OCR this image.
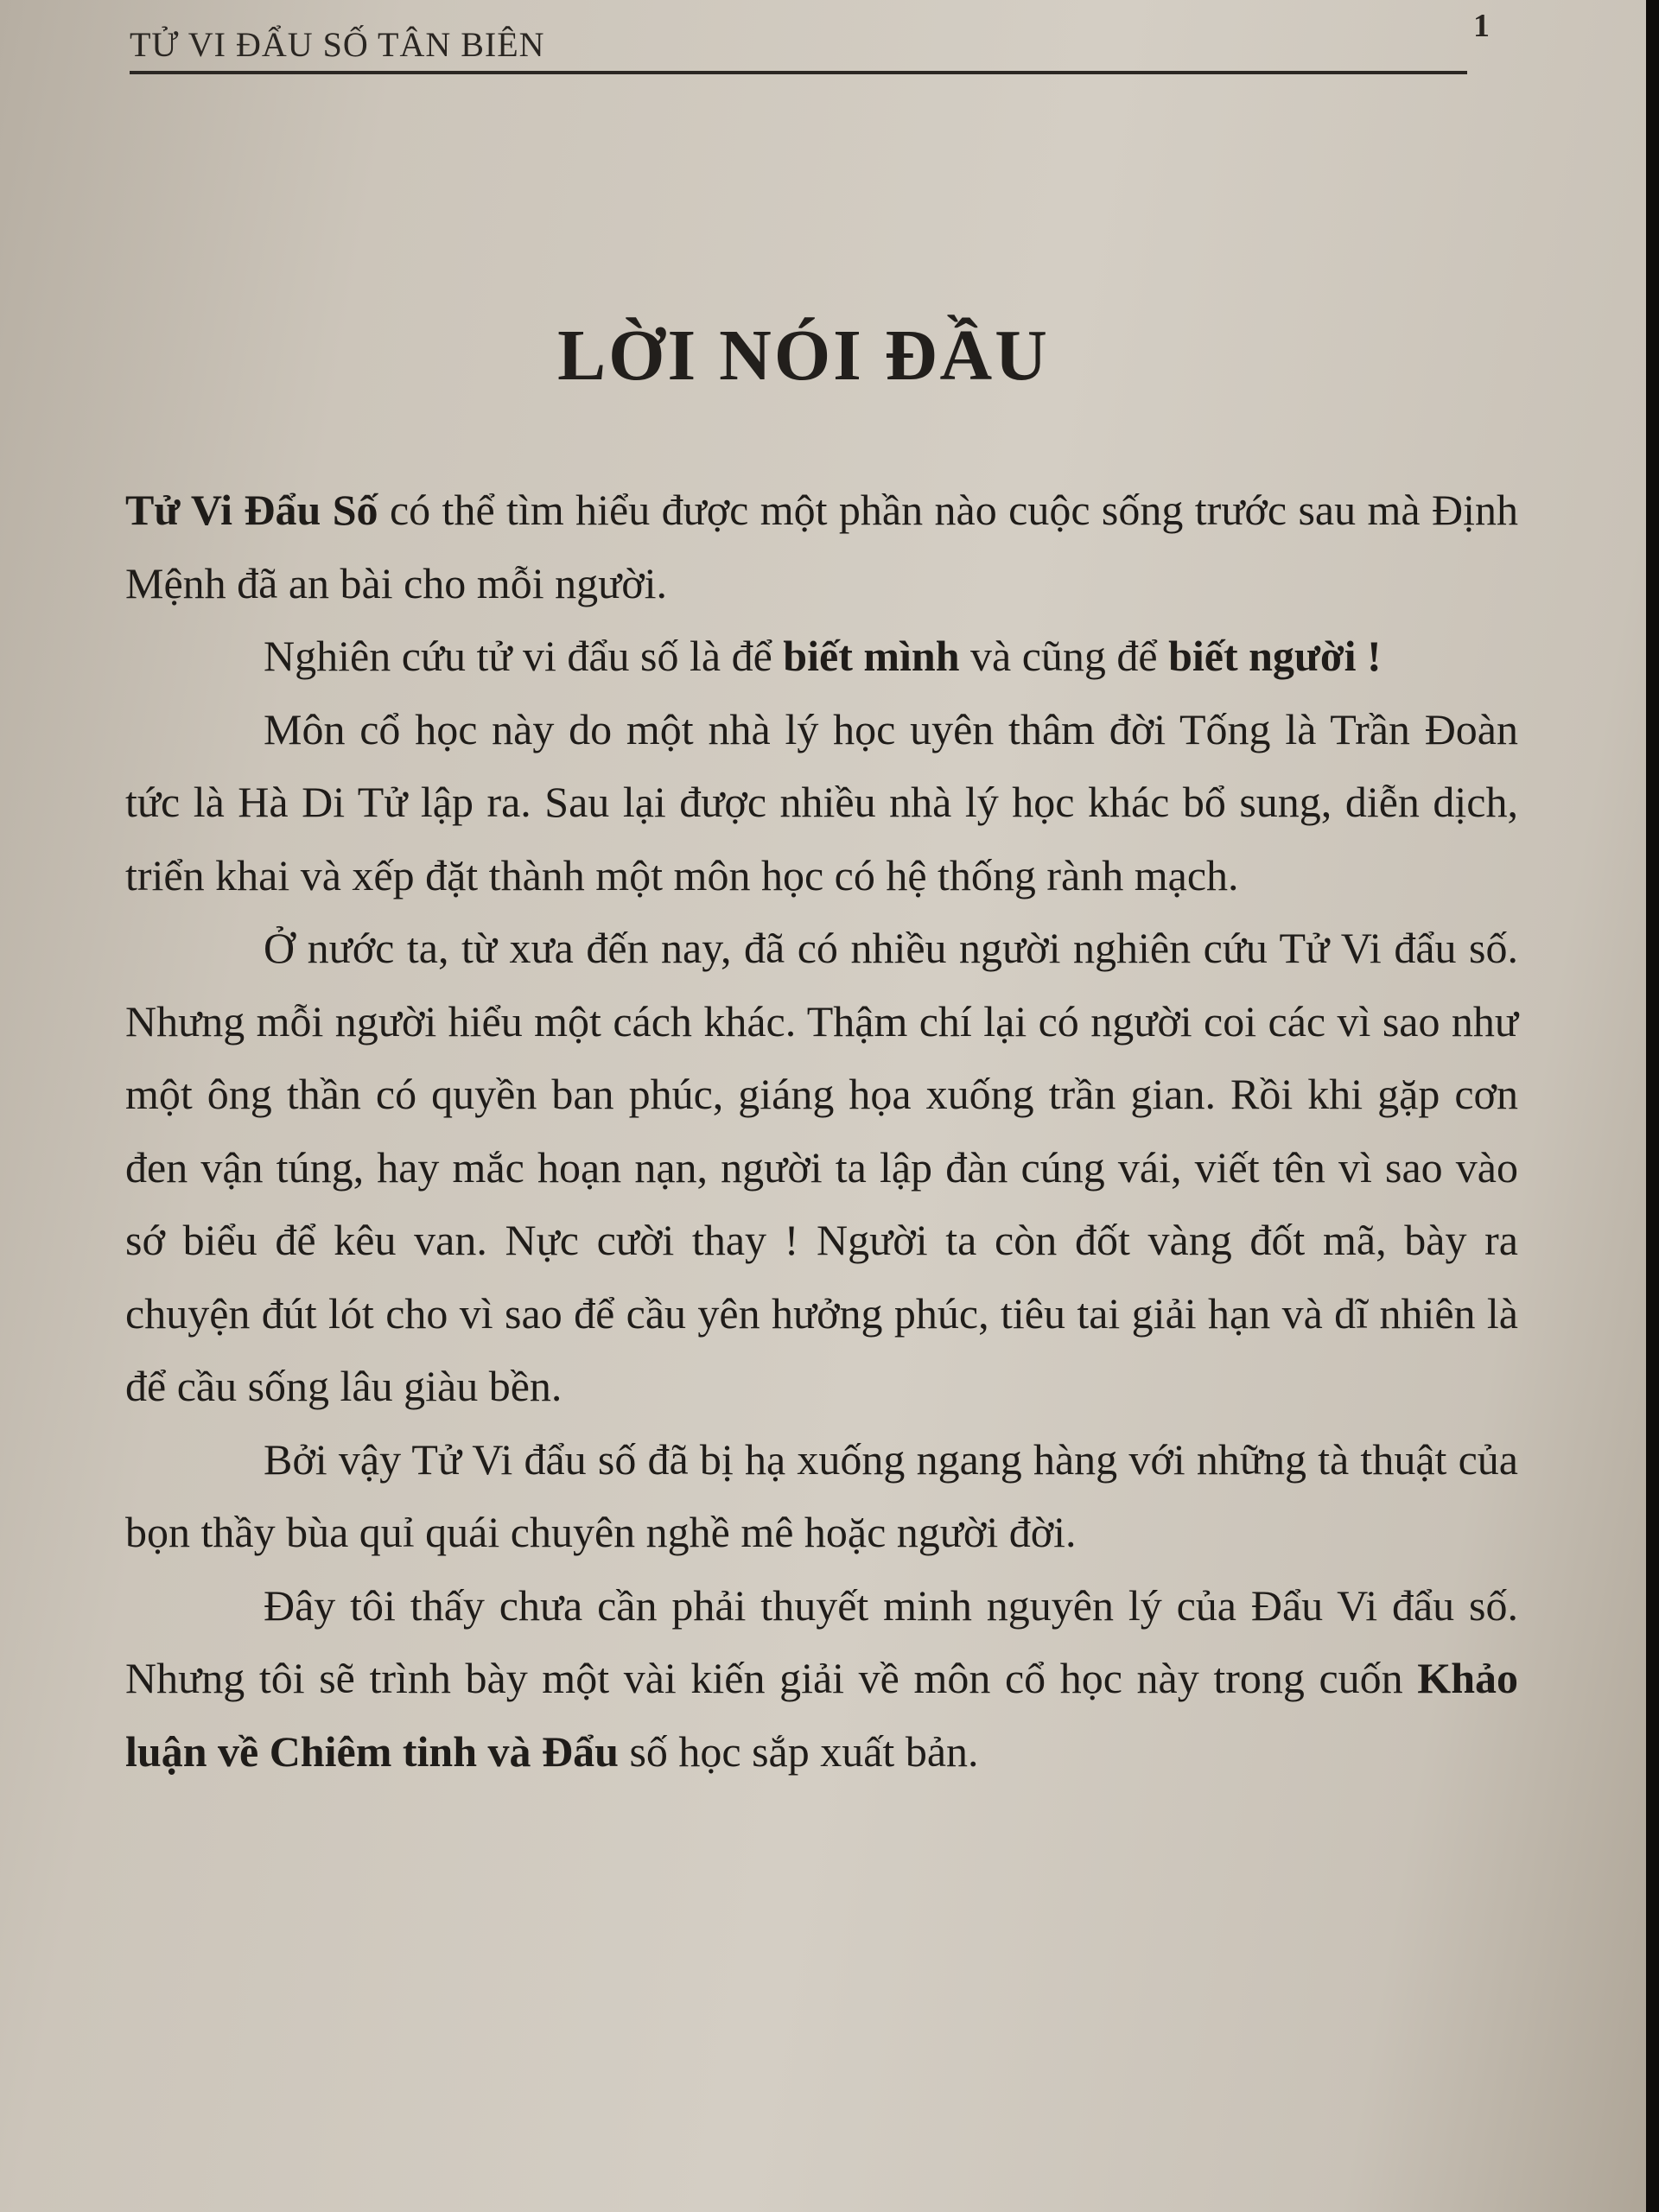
TỬ VI ĐẨU SỐ TÂN BIÊN	1
LỜI NÓI ĐẦU

Tử Vi Đẩu Số có thể tìm hiểu được một phần nào cuộc sống trước sau mà Định Mệnh đã an bài cho mỗi người.

Nghiên cứu tử vi đẩu số là để biết mình và cũng để biết người !

Môn cổ học này do một nhà lý học uyên thâm đời Tống là Trần Đoàn tức là Hà Di Tử lập ra. Sau lại được nhiều nhà lý học khác bổ sung, diễn dịch, triển khai và xếp đặt thành một môn học có hệ thống rành mạch.

Ở nước ta, từ xưa đến nay, đã có nhiều người nghiên cứu Tử Vi đẩu số. Nhưng mỗi người hiểu một cách khác. Thậm chí lại có người coi các vì sao như một ông thần có quyền ban phúc, giáng họa xuống trần gian. Rồi khi gặp cơn đen vận túng, hay mắc hoạn nạn, người ta lập đàn cúng vái, viết tên vì sao vào sớ biểu để kêu van. Nực cười thay ! Người ta còn đốt vàng đốt mã, bày ra chuyện đút lót cho vì sao để cầu yên hưởng phúc, tiêu tai giải hạn và dĩ nhiên là để cầu sống lâu giàu bền.

Bởi vậy Tử Vi đẩu số đã bị hạ xuống ngang hàng với những tà thuật của bọn thầy bùa quỉ quái chuyên nghề mê hoặc người đời.

Đây tôi thấy chưa cần phải thuyết minh nguyên lý của Đẩu Vi đẩu số. Nhưng tôi sẽ trình bày một vài kiến giải về môn cổ học này trong cuốn Khảo luận về Chiêm tinh và Đẩu số học sắp xuất bản.
